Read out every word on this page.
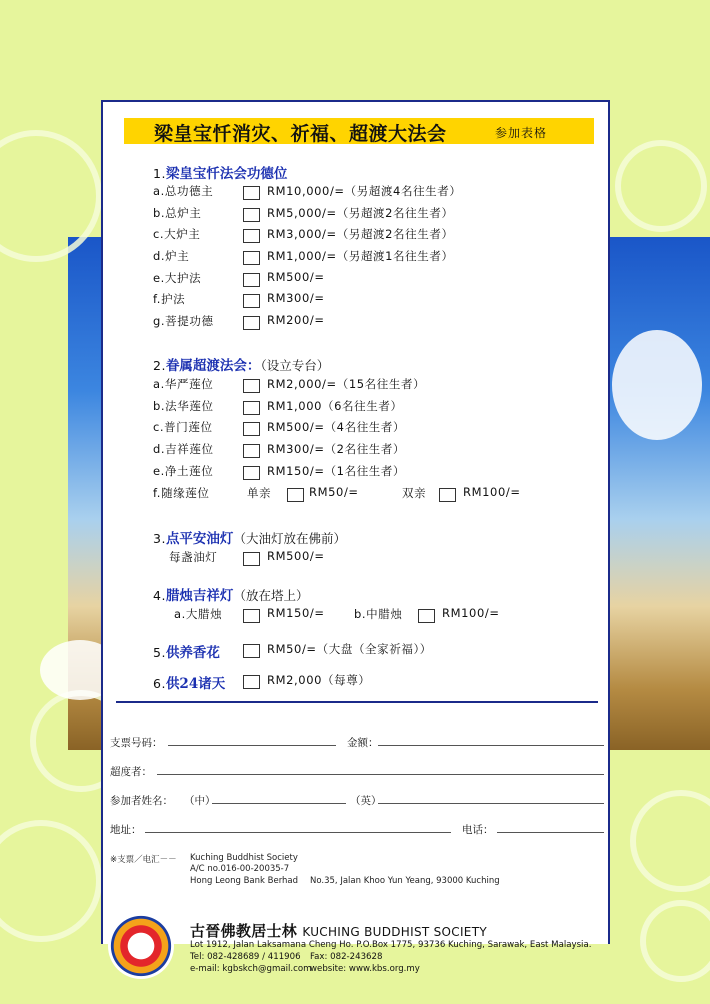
梁皇宝忏消灾、祈福、超渡大法会	参加表格
1.梁皇宝忏法会功德位
a.总功德主	RM10,000/=（另超渡4名往生者）
b.总炉主	RM5,000/=（另超渡2名往生者）
c.大炉主	RM3,000/=（另超渡2名往生者）
d.炉主	RM1,000/=（另超渡1名往生者）
e.大护法	RM500/=
f.护法	RM300/=
g.菩提功德	RM200/=
2.眷属超渡法会：（设立专台）
a.华严莲位	RM2,000/=（15名往生者）
b.法华莲位	RM1,000（6名往生者）
c.普门莲位	RM500/=（4名往生者）
d.吉祥莲位	RM300/=（2名往生者）
e.净土莲位	RM150/=（1名往生者）
f.随缘莲位	单亲	RM50/=	双亲	RM100/=
3.点平安油灯（大油灯放在佛前）
每盏油灯	RM500/=
4.腊烛吉祥灯（放在塔上）
a.大腊烛	RM150/=	b.中腊烛	RM100/=
5.供养香花	RM50/=（大盘（全家祈福））
6.供24诸天	RM2,000（每尊）
支票号码：	金额：
超度者：
参加者姓名： （中）	（英）
地址：	电话：
※支票／电汇－－ Kuching Buddhist Society
A/C no.016-00-20035-7
Hong Leong Bank Berhad No.35, Jalan Khoo Yun Yeang, 93000 Kuching
卍
古晉佛教居士林 KUCHING BUDDHIST SOCIETY
Lot 1912, Jalan Laksamana Cheng Ho. P.O.Box 1775, 93736 Kuching, Sarawak, East Malaysia.
Tel: 082-428689 / 411906 Fax: 082-243628
e-mail: kgbskch@gmail.com
website: www.kbs.org.my
